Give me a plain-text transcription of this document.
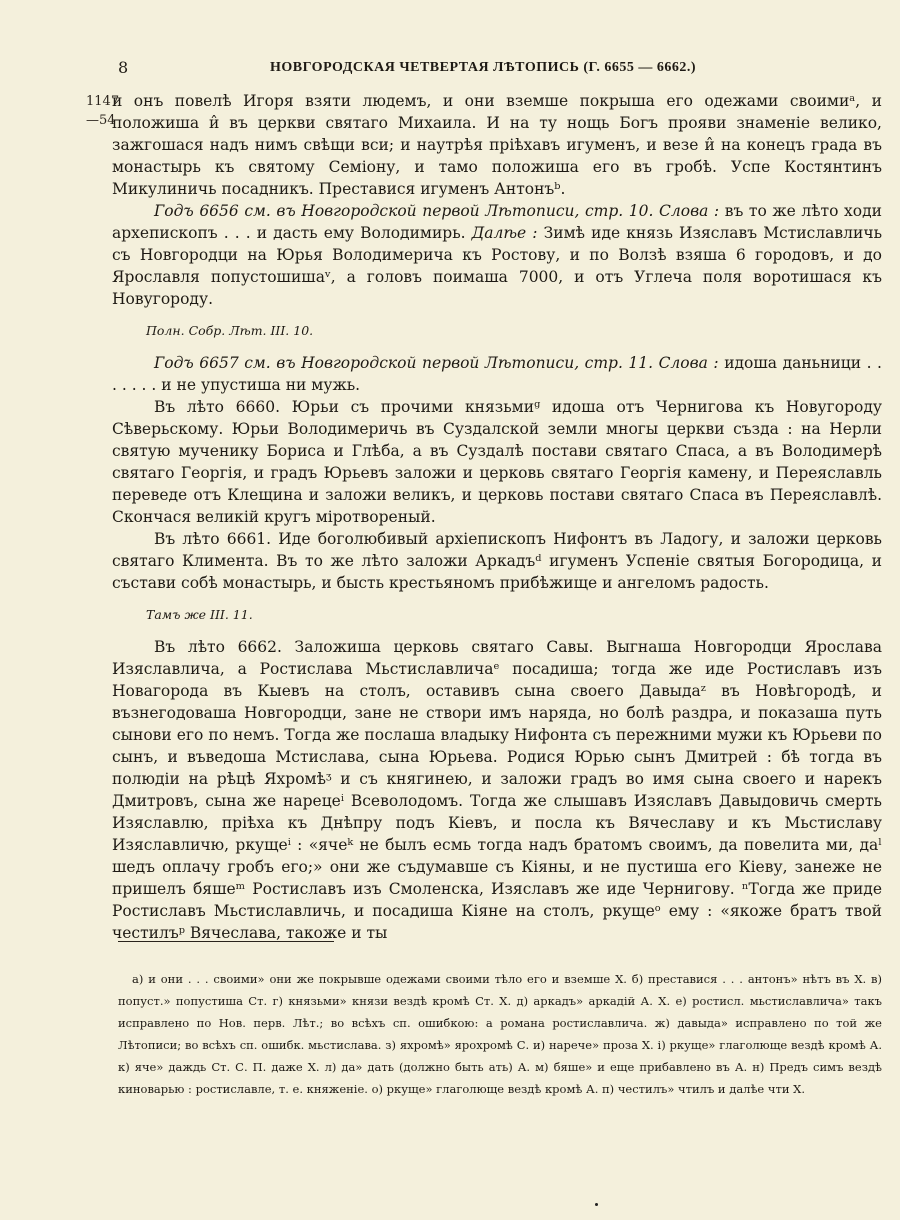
8	НОВГОРОДСКАЯ ЧЕТВЕРТАЯ ЛѢТОПИСЬ (Г. 6655 — 6662.)
1147
—54

и онъ повелѣ Игоря взяти людемъ, и они вземше покрыша его одежами своимиᵃ, и положиша и̂ въ церкви святаго Михаила. И на ту нощь Богъ прояви знаменіе велико, зажгошася надъ нимъ свѣщи вси; и наутрѣя пріѣхавъ игуменъ, и везе и̂ на конецъ града въ монастырь къ святому Семіону, и тамо положиша его въ гробѣ. Успе Костянтинъ Микулиничь посадникъ. Преставися игуменъ Антонъᵇ.

Годъ 6656 см. въ Новгородской первой Лѣтописи, стр. 10. Слова : въ то же лѣто ходи архепископъ . . . и дасть ему Володимирь. Далѣе : Зимѣ иде князь Изяславъ Мстиславличь съ Новгородци на Юрья Володимерича къ Ростову, и по Волзѣ взяша 6 городовъ, и до Ярославля попустошишаᵛ, а головъ поимаша 7000, и отъ Углеча поля воротишася къ Новугороду.

Полн. Собр. Лѣт. III. 10.

Годъ 6657 см. въ Новгородской первой Лѣтописи, стр. 11. Слова : идоша даньници . . . . . . . и не упустиша ни мужь.

Въ лѣто 6660. Юрьи съ прочими князьмиᵍ идоша отъ Чернигова къ Новугороду Сѣверьскому. Юрьи Володимеричь въ Суздалской земли многы церкви създа : на Нерли святую мученику Бориса и Глѣба, а въ Суздалѣ постави святаго Спаса, а въ Володимерѣ святаго Георгія, и градъ Юрьевъ заложи и церковь святаго Георгія камену, и Переяславль переведе отъ Клещина и заложи великъ, и церковь постави святаго Спаса въ Переяславлѣ. Скончася великій кругъ міротвореный.

Въ лѣто 6661. Иде боголюбивый архіепископъ Нифонтъ въ Ладогу, и заложи церковь святаго Климента. Въ то же лѣто заложи Аркадъᵈ игуменъ Успеніе святыя Богородица, и състави собѣ монастырь, и бысть крестьяномъ прибѣжище и ангеломъ радость.

Тамъ же III. 11.

Въ лѣто 6662. Заложиша церковь святаго Савы. Выгнаша Новгородци Ярослава Изяславлича, а Ростислава Мьстиславличаᵉ посадиша; тогда же иде Ростиславъ изъ Новагорода въ Кыевъ на столъ, оставивъ сына своего Давыдаᶻ въ Новѣгородѣ, и възнегодоваша Новгородци, зане не створи имъ наряда, но болѣ раздра, и показаша путь сынови его по немъ. Тогда же послаша владыку Нифонта съ пережними мужи къ Юрьеви по сынъ, и въведоша Мстислава, сына Юрьева. Родися Юрью сынъ Дмитрей : бѣ тогда въ полюдіи на рѣцѣ Яхромѣᶾ и съ княгинею, и заложи градъ во имя сына своего и нарекъ Дмитровъ, сына же нарецеⁱ Всеволодомъ. Тогда же слышавъ Изяславъ Давыдовичь смерть Изяславлю, пріѣха къ Днѣпру подъ Кіевъ, и посла къ Вячеславу и къ Мьстиславу Изяславличю, ркущеⁱ : «ячеᵏ не былъ есмь тогда надъ братомъ своимъ, да повелита ми, даˡ шедъ оплачу гробъ его;» они же съдумавше съ Кіяны, и не пустиша его Кіеву, занеже не пришелъ бяшеᵐ Ростиславъ изъ Смоленска, Изяславъ же иде Чернигову. ⁿТогда же приде Ростиславъ Мьстиславличь, и посадиша Кіяне на столъ, ркущеᵒ ему : «якоже братъ твой честилъᵖ Вячеслава, такоже и ты

а) и они . . . своими» они же покрывше одежами своими тѣло его и вземше Х. б) преставися . . . антонъ» нѣтъ въ Х. в) попуст.» попустиша Ст. г) князьми» князи вездѣ кромѣ Ст. Х. д) аркадъ» аркадій А. Х. е) ростисл. мьстиславлича» такъ исправлено по Нов. перв. Лѣт.; во всѣхъ сп. ошибкою: а романа ростиславлича. ж) давыда» исправлено по той же Лѣтописи; во всѣхъ сп. ошибк. мьстислава. з) яхромѣ» ярохромѣ С. и) нарече» проза Х. і) ркуще» глаголюще вездѣ кромѣ А. к) яче» даждь Ст. С. П. даже Х. л) да» дать (должно быть ать) А. м) бяше» и еще прибавлено въ А. н) Предъ симъ вездѣ киноварью : ростиславле, т. е. княженіе. о) ркуще» глаголюще вездѣ кромѣ А. п) честилъ» чтилъ и далѣе чти Х.
